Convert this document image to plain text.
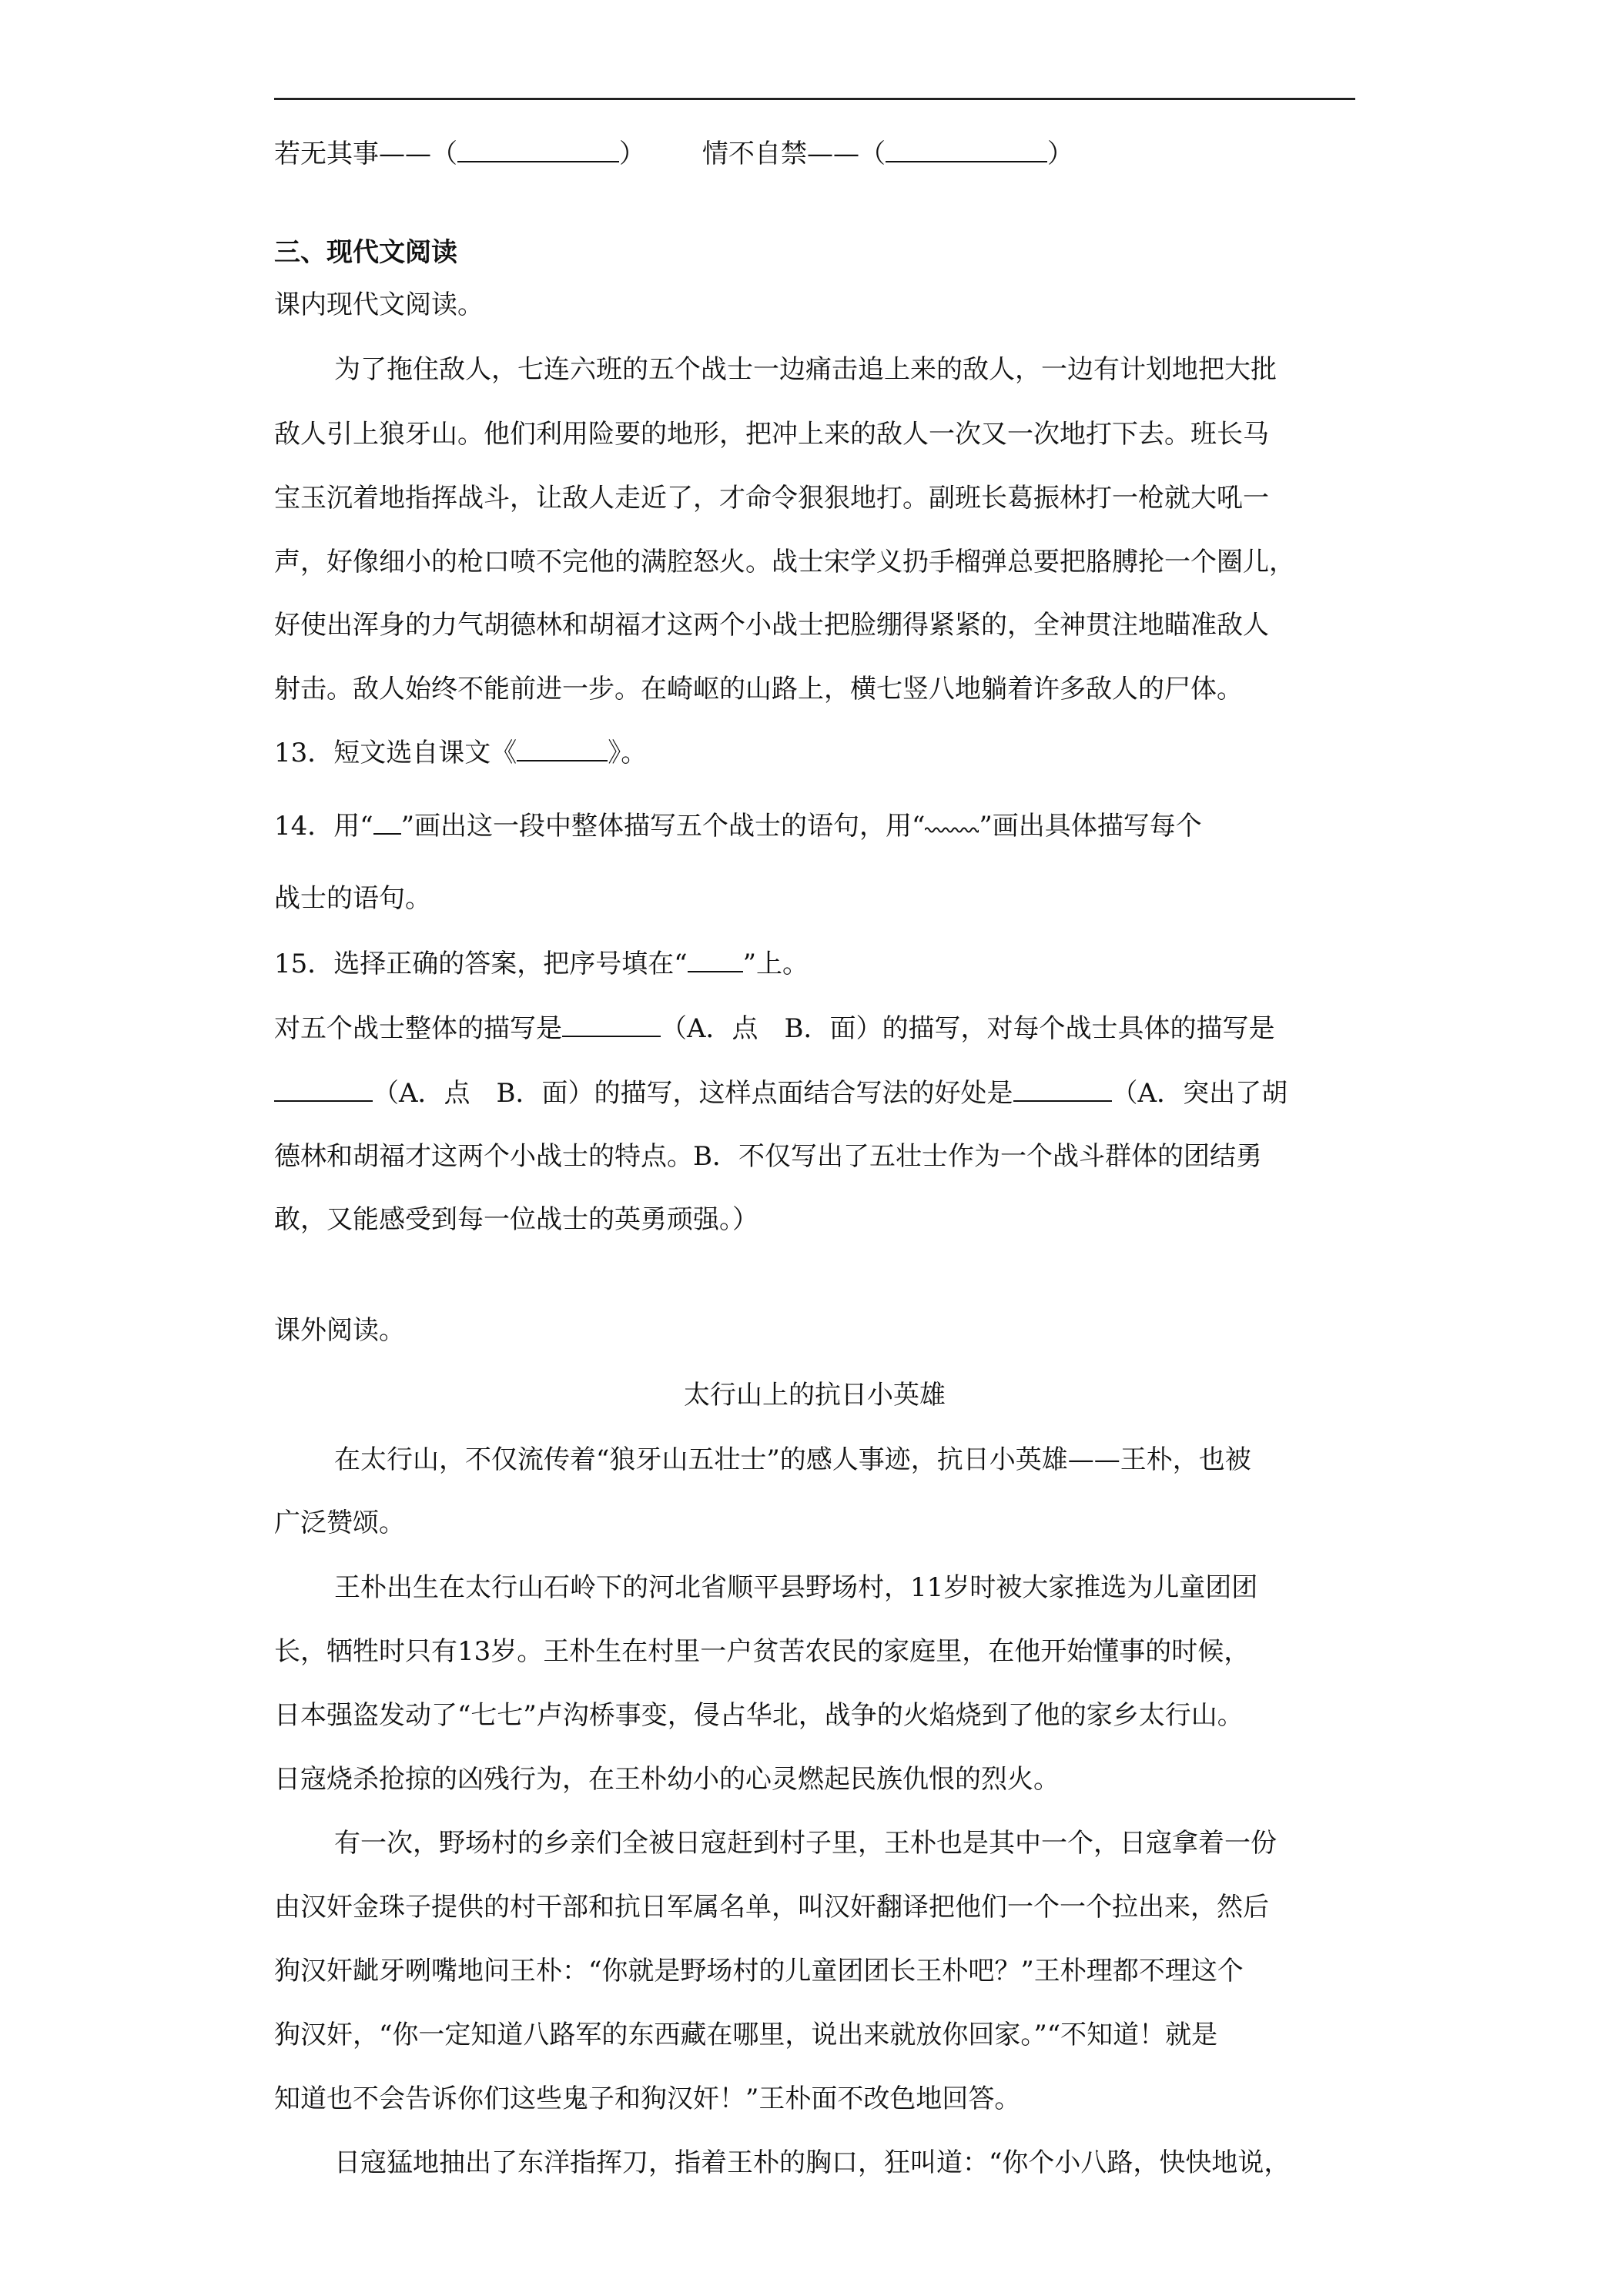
若无其事——（	） 情不自禁——（	）
三、现代文阅读
课内现代文阅读。
为了拖住敌人，七连六班的五个战士一边痛击追上来的敌人，一边有计划地把大批
敌人引上狼牙山。他们利用险要的地形，把冲上来的敌人一次又一次地打下去。班长马
宝玉沉着地指挥战斗，让敌人走近了，才命令狠狠地打。副班长葛振林打一枪就大吼一
声，好像细小的枪口喷不完他的满腔怒火。战士宋学义扔手榴弹总要把胳膊抡一个圈儿，
好使出浑身的力气胡德林和胡福才这两个小战士把脸绷得紧紧的，全神贯注地瞄准敌人
射击。敌人始终不能前进一步。在崎岖的山路上，横七竖八地躺着许多敌人的尸体。
13．短文选自课文《	》。
14．用“ ”画出这一段中整体描写五个战士的语句，用“ ”画出具体描写每个
战士的语句。
15．选择正确的答案，把序号填在“ ”上。
对五个战士整体的描写是	（A．点　B．面）的描写，对每个战士具体的描写是
（A．点　B．面）的描写，这样点面结合写法的好处是	（A．突出了胡
德林和胡福才这两个小战士的特点。B．不仅写出了五壮士作为一个战斗群体的团结勇
敢，又能感受到每一位战士的英勇顽强。）
课外阅读。
太行山上的抗日小英雄
在太行山，不仅流传着“狼牙山五壮士”的感人事迹，抗日小英雄——王朴，也被
广泛赞颂。
王朴出生在太行山石岭下的河北省顺平县野场村，11岁时被大家推选为儿童团团
长，牺牲时只有13岁。王朴生在村里一户贫苦农民的家庭里，在他开始懂事的时候，
日本强盗发动了“七七”卢沟桥事变，侵占华北，战争的火焰烧到了他的家乡太行山。
日寇烧杀抢掠的凶残行为，在王朴幼小的心灵燃起民族仇恨的烈火。
有一次，野场村的乡亲们全被日寇赶到村子里，王朴也是其中一个，日寇拿着一份
由汉奸金珠子提供的村干部和抗日军属名单，叫汉奸翻译把他们一个一个拉出来，然后
狗汉奸龇牙咧嘴地问王朴：“你就是野场村的儿童团团长王朴吧？”王朴理都不理这个
狗汉奸，“你一定知道八路军的东西藏在哪里，说出来就放你回家。”“不知道！就是
知道也不会告诉你们这些鬼子和狗汉奸！”王朴面不改色地回答。
日寇猛地抽出了东洋指挥刀，指着王朴的胸口，狂叫道：“你个小八路，快快地说，
